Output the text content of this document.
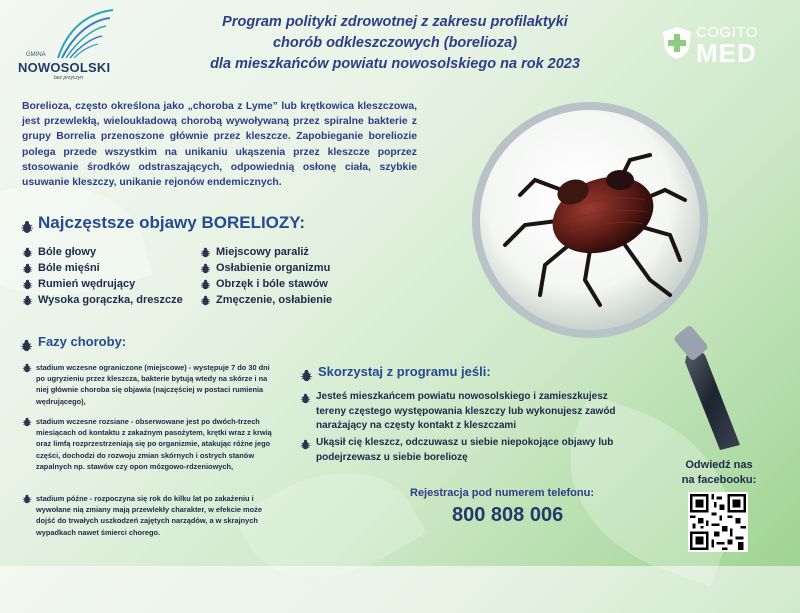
GMINA
NOWOSOLSKI
bez przyczyn
Program polityki zdrowotnej z zakresu profilaktyki
chorób odkleszczowych (borelioza)
dla mieszkańców powiatu nowosolskiego na rok 2023
COGITO
MED

Borelioza, często określona jako „choroba z Lyme” lub krętkowica kleszczowa, jest przewlekłą, wieloukładową chorobą wywoływaną przez spiralne bakterie z grupy Borrelia przenoszone głównie przez kleszcze. Zapobieganie boreliozie polega przede wszystkim na unikaniu ukąszenia przez kleszcze poprzez stosowanie środków odstraszających, odpowiednią osłonę ciała, szybkie usuwanie kleszczy, unikanie rejonów endemicznych.

Najczęstsze objawy BORELIOZY:
Bóle głowy
Bóle mięśni
Rumień wędrujący
Wysoka gorączka, dreszcze
Miejscowy paraliż
Osłabienie organizmu
Obrzęk i bóle stawów
Zmęczenie, osłabienie
Fazy choroby:
stadium wczesne ograniczone (miejscowe) - występuje 7 do 30 dni po ugryzieniu przez kleszcza, bakterie bytują wtedy na skórze i na niej głównie choroba się objawia (najczęściej w postaci rumienia wędrującego),
stadium wczesne rozsiane - obserwowane jest po dwóch-trzech miesiącach od kontaktu z zakaźnym pasożytem, krętki wraz z krwią oraz limfą rozprzestrzeniają się po organizmie, atakując różne jego części, dochodzi do rozwoju zmian skórnych i ostrych stanów zapalnych np. stawów czy opon mózgowo-rdzeniowych,
stadium późne - rozpoczyna się rok do kilku lat po zakażeniu i wywołane nią zmiany mają przewlekły charakter, w efekcie może dojść do trwałych uszkodzeń zajętych narządów, a w skrajnych wypadkach nawet śmierci chorego.
Skorzystaj z programu jeśli:
Jesteś mieszkańcem powiatu nowosolskiego i zamieszkujesz tereny częstego występowania kleszczy lub wykonujesz zawód narażający na częsty kontakt z kleszczami
Ukąsił cię kleszcz, odczuwasz u siebie niepokojące objawy lub podejrzewasz u siebie boreliozę
Rejestracja pod numerem telefonu:
800 808 006
Odwiedź nas
na facebooku:
